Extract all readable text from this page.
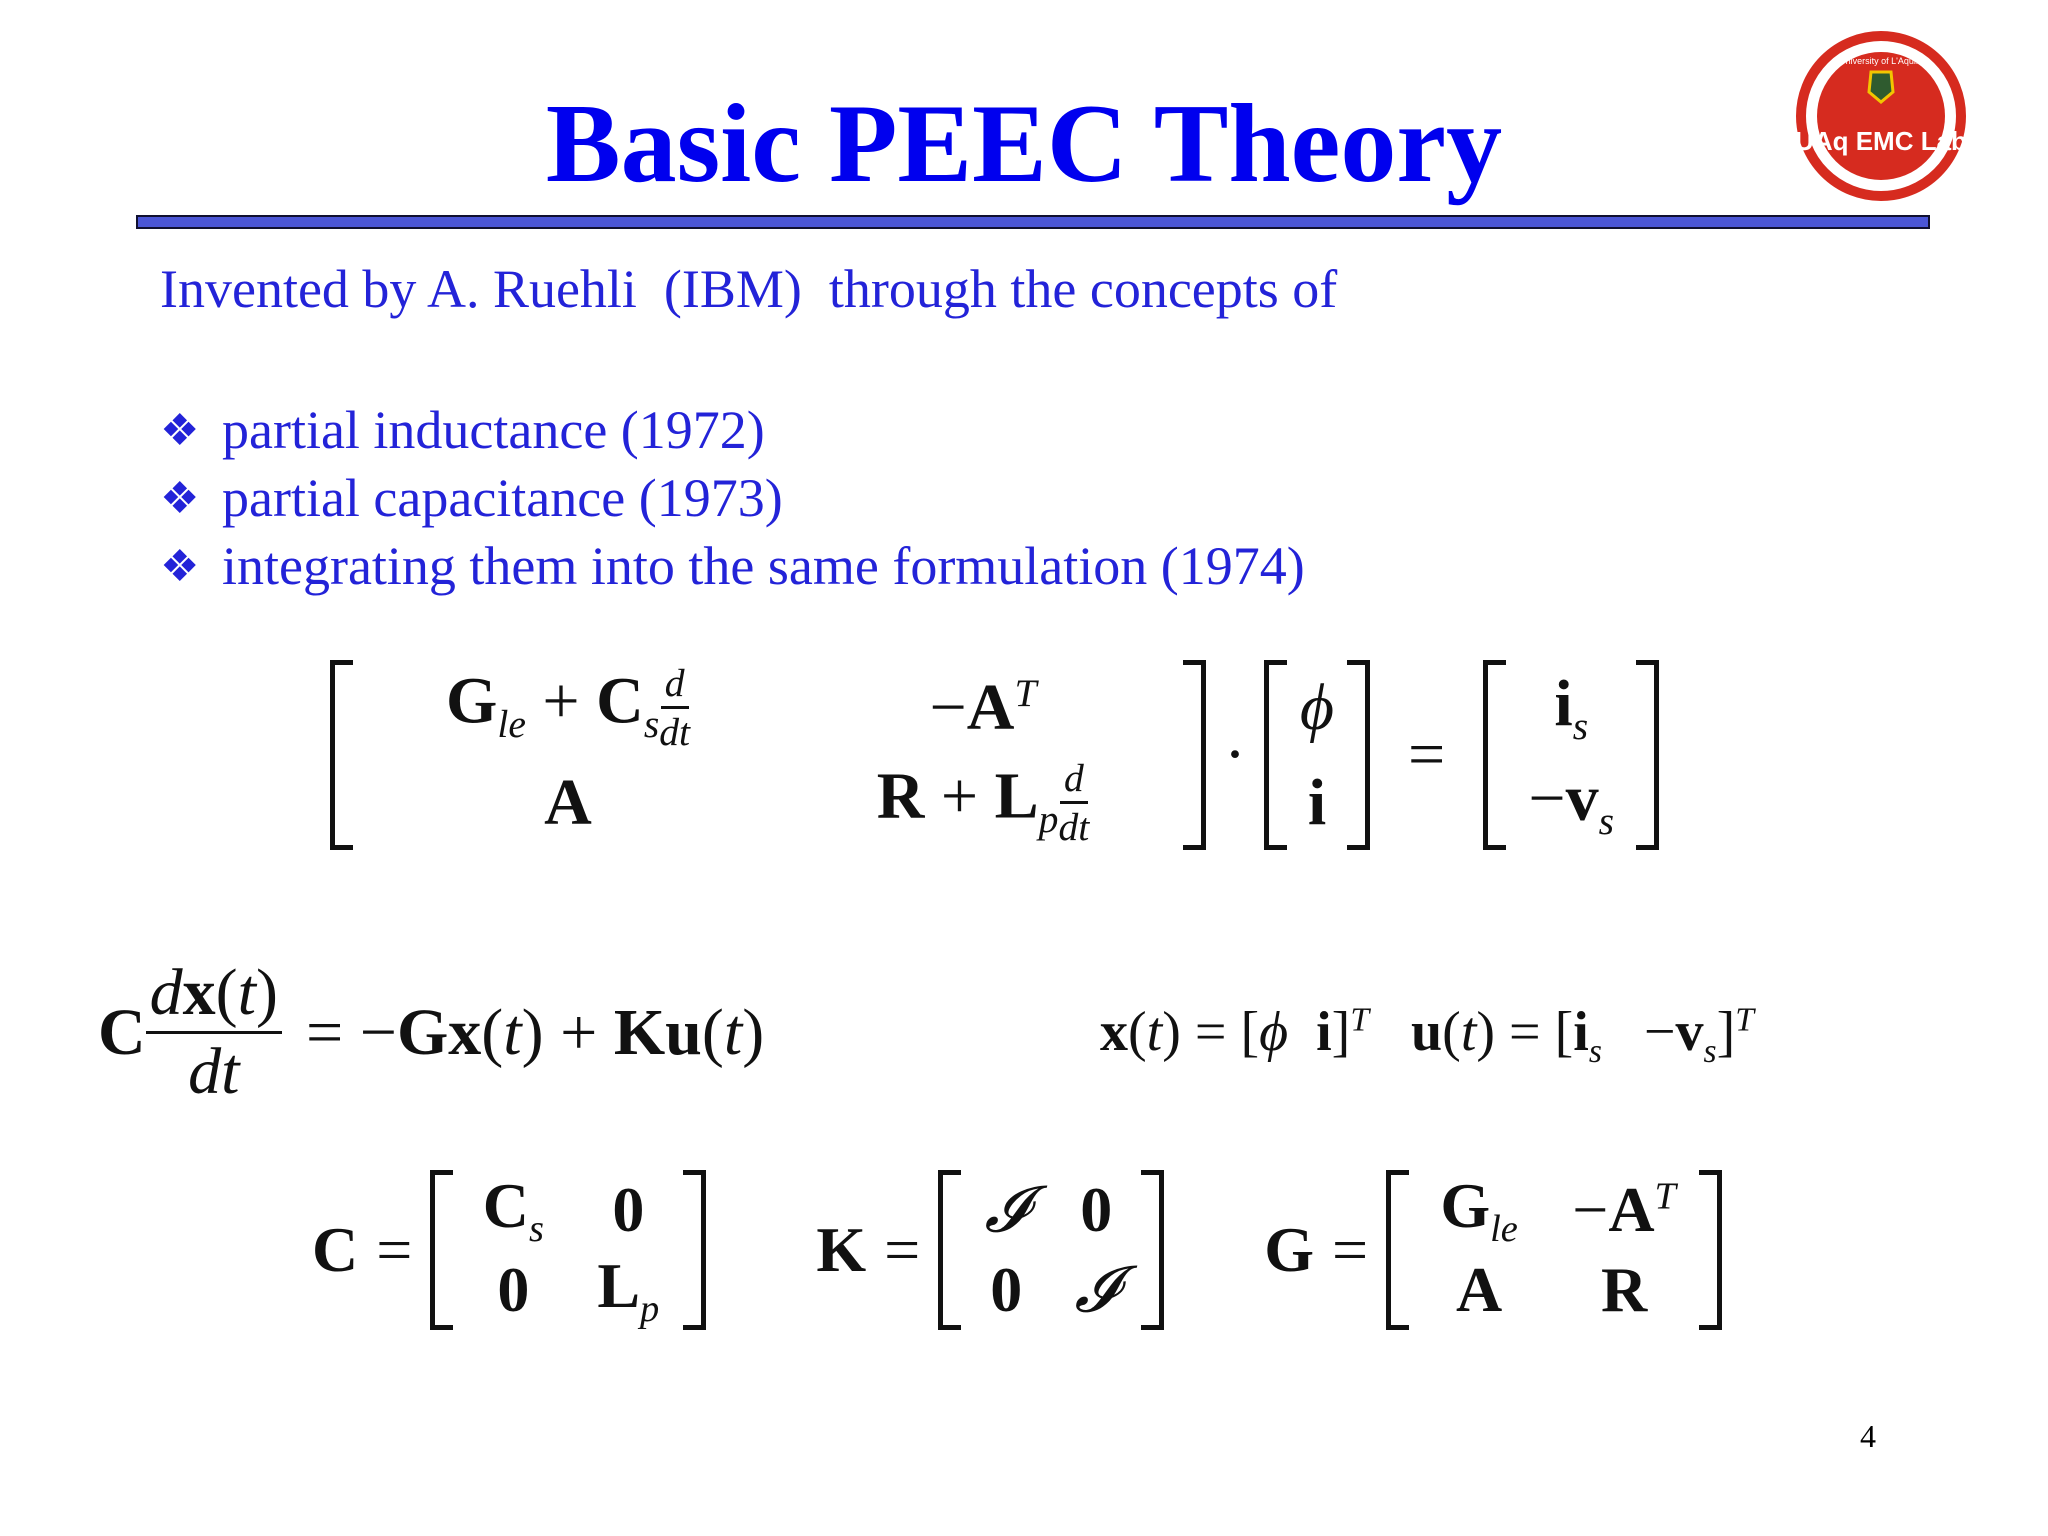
Basic PEEC Theory	UAq EMC Lab
University of L'Aquila
Invented by A. Ruehli  (IBM)  through the concepts of
❖ partial inductance (1972)
❖ partial capacitance (1973)
❖ integrating them into the same formulation (1974)
$G_{le} + C_s \frac{d}{dt}$	$-A^T$
A	$R + L_p \frac{d}{dt}$
·
ϕ
i
=
$i_s$
$-v_s$
C $\frac{dx(t)}{dt} = -Gx(t) + Ku(t)$	x(t) = [ϕ i]$^T$ $u(t) = [i_s -v_s]^T$
C =
$C_s$	0
0	$L_p$
K =
𝓘 0
0 𝓘
G =
$G_{le} -A^T$
A	R
4
